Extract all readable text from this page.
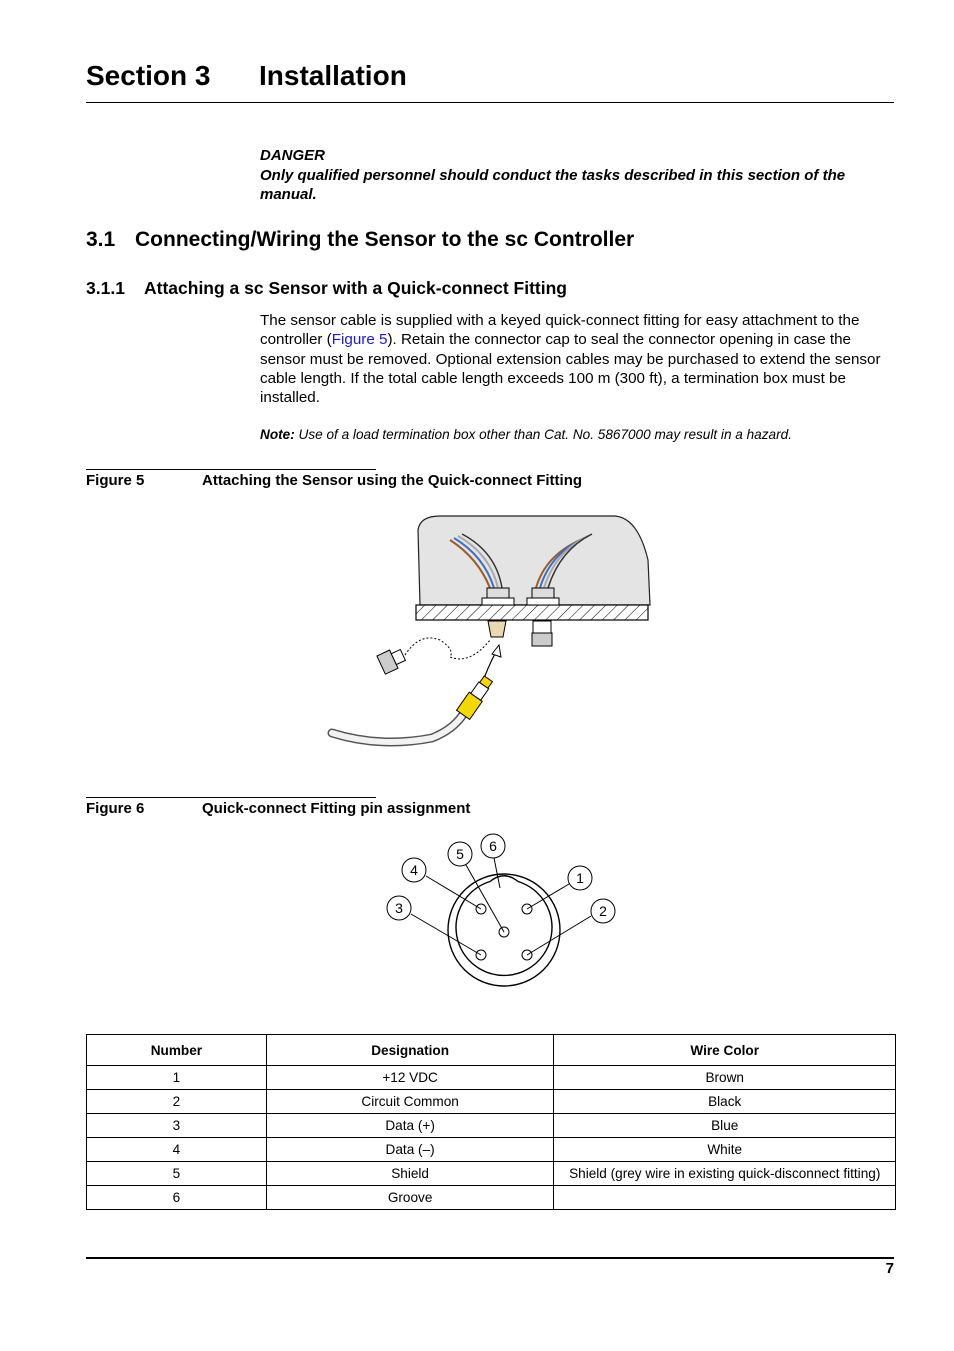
Section 3 Installation
DANGER
Only qualified personnel should conduct the tasks described in this section of the manual.
3.1 Connecting/Wiring the Sensor to the sc Controller
3.1.1 Attaching a sc Sensor with a Quick-connect Fitting
The sensor cable is supplied with a keyed quick-connect fitting for easy attachment to the controller (Figure 5). Retain the connector cap to seal the connector opening in case the sensor must be removed. Optional extension cables may be purchased to extend the sensor cable length. If the total cable length exceeds 100 m (300 ft), a termination box must be installed.
Note: Use of a load termination box other than Cat. No. 5867000 may result in a hazard.
Figure 5	Attaching the Sensor using the Quick-connect Fitting
Figure 6	Quick-connect Fitting pin assignment
1
2
3
4
5 6
Number	Designation	Wire Color
1	+12 VDC	Brown
2	Circuit Common	Black
3	Data (+)	Blue
4	Data (–)	White
5	Shield	Shield (grey wire in existing quick-disconnect fitting)
6	Groove	
7
